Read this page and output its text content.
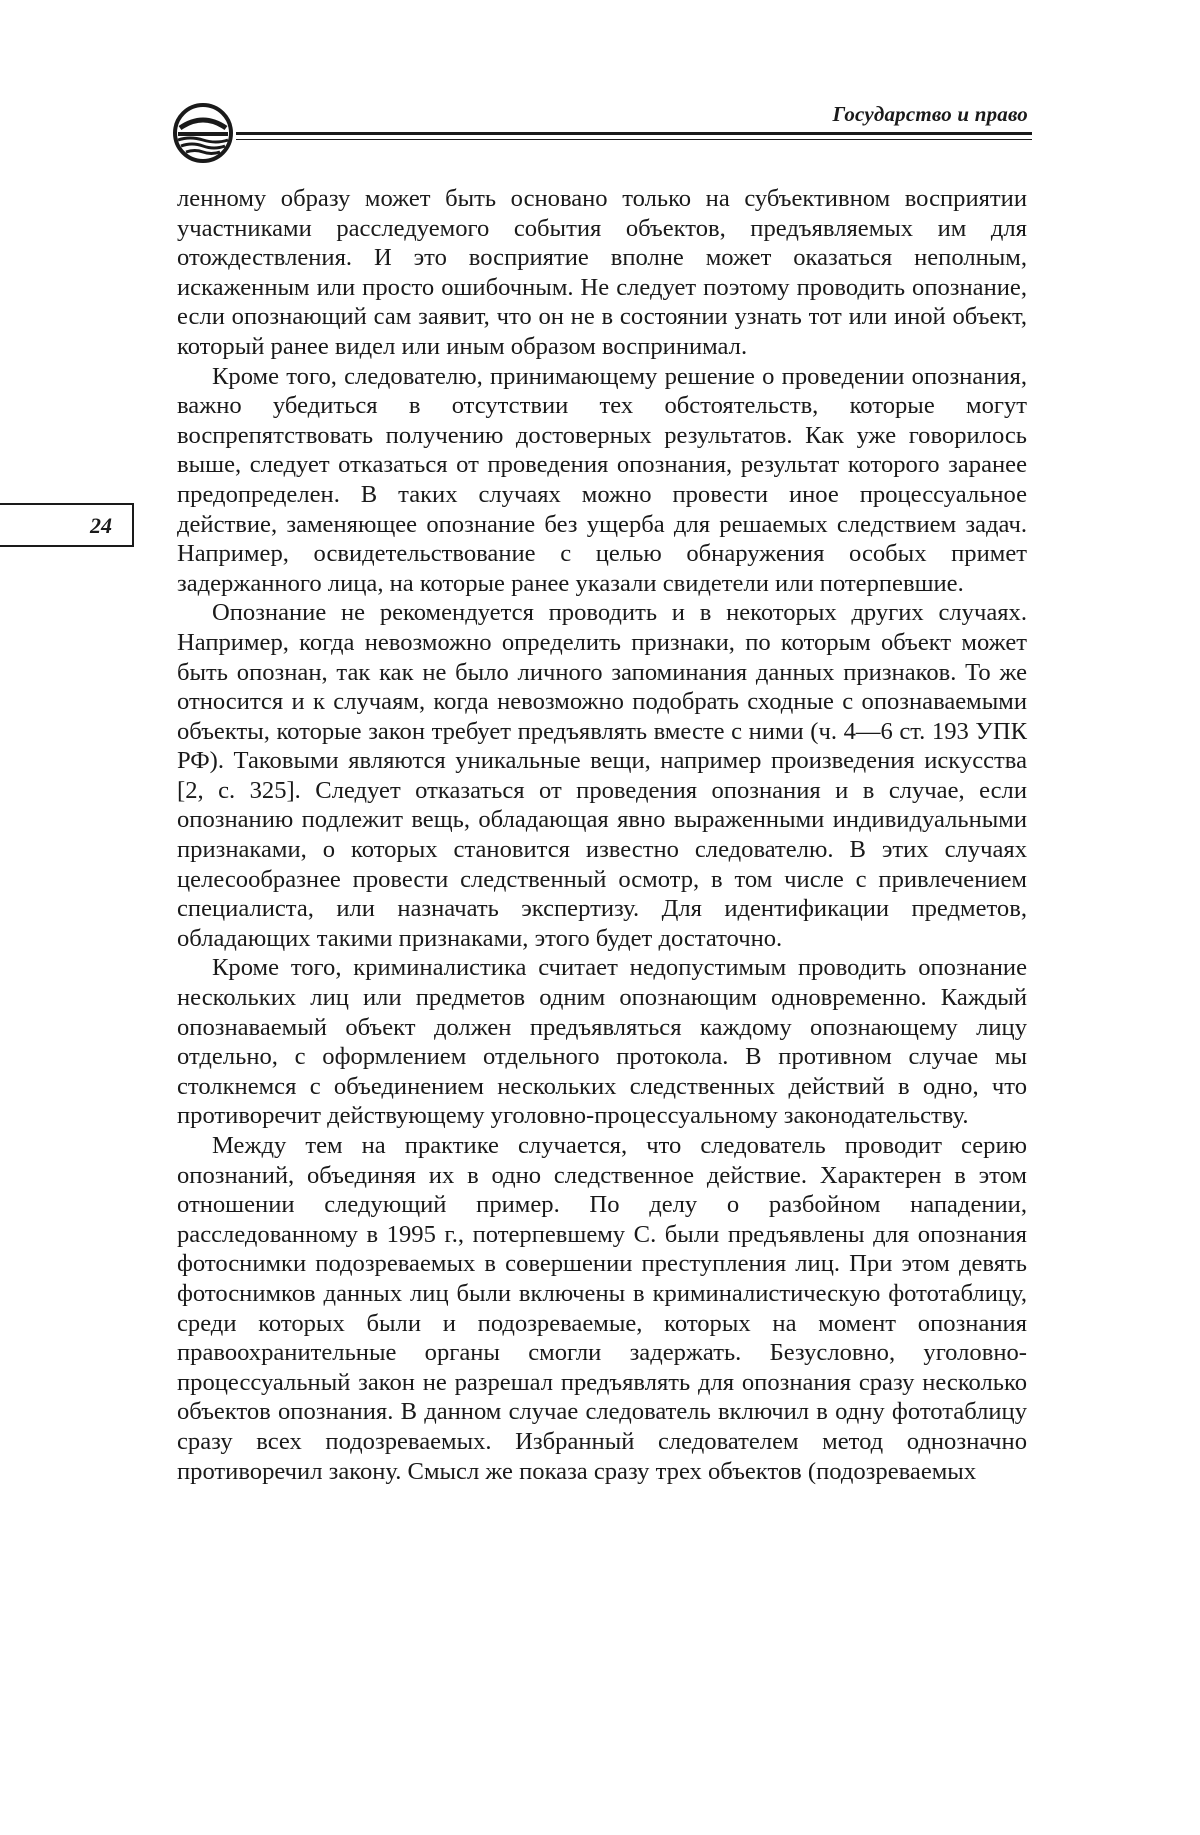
Государство и право
24

ленному образу может быть основано только на субъективном восприятии участниками расследуемого события объектов, предъявляемых им для отождествления. И это восприятие вполне может оказаться неполным, искаженным или просто ошибочным. Не следует поэтому проводить опознание, если опознающий сам заявит, что он не в состоянии узнать тот или иной объект, который ранее видел или иным образом воспринимал.

Кроме того, следователю, принимающему решение о проведении опознания, важно убедиться в отсутствии тех обстоятельств, которые могут воспрепятствовать получению достоверных результатов. Как уже говорилось выше, следует отказаться от проведения опознания, результат которого заранее предопределен. В таких случаях можно провести иное процессуальное действие, заменяющее опознание без ущерба для решаемых следствием задач. Например, освидетельствование с целью обнаружения особых примет задержанного лица, на которые ранее указали свидетели или потерпевшие.

Опознание не рекомендуется проводить и в некоторых других случаях. Например, когда невозможно определить признаки, по которым объект может быть опознан, так как не было личного запоминания данных признаков. То же относится и к случаям, когда невозможно подобрать сходные с опознаваемыми объекты, которые закон требует предъявлять вместе с ними (ч. 4—6 ст. 193 УПК РФ). Таковыми являются уникальные вещи, например произведения искусства [2, с. 325]. Следует отказаться от проведения опознания и в случае, если опознанию подлежит вещь, обладающая явно выраженными индивидуальными признаками, о которых становится известно следователю. В этих случаях целесообразнее провести следственный осмотр, в том числе с привлечением специалиста, или назначать экспертизу. Для идентификации предметов, обладающих такими признаками, этого будет достаточно.

Кроме того, криминалистика считает недопустимым проводить опознание нескольких лиц или предметов одним опознающим одновременно. Каждый опознаваемый объект должен предъявляться каждому опознающему лицу отдельно, с оформлением отдельного протокола. В противном случае мы столкнемся с объединением нескольких следственных действий в одно, что противоречит действующему уголовно-процессуальному законодательству.

Между тем на практике случается, что следователь проводит серию опознаний, объединяя их в одно следственное действие. Характерен в этом отношении следующий пример. По делу о разбойном нападении, расследованному в 1995 г., потерпевшему С. были предъявлены для опознания фотоснимки подозреваемых в совершении преступления лиц. При этом девять фотоснимков данных лиц были включены в криминалистическую фототаблицу, среди которых были и подозреваемые, которых на момент опознания правоохранительные органы смогли задержать. Безусловно, уголовно-процессуальный закон не разрешал предъявлять для опознания сразу несколько объектов опознания. В данном случае следователь включил в одну фототаблицу сразу всех подозреваемых. Избранный следователем метод однозначно противоречил закону. Смысл же показа сразу трех объектов (подозреваемых
